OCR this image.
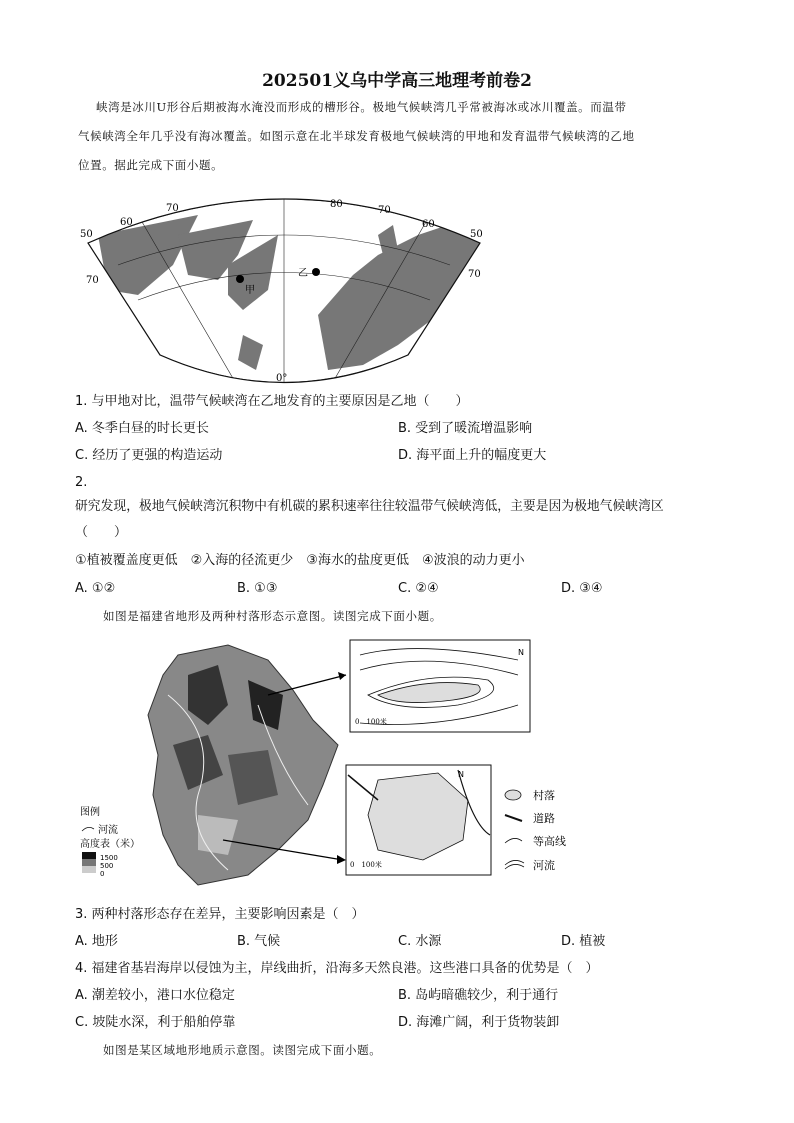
202501义乌中学高三地理考前卷2
峡湾是冰川U形谷后期被海水淹没而形成的槽形谷。极地气候峡湾几乎常被海冰或冰川覆盖。而温带
气候峡湾全年几乎没有海冰覆盖。如图示意在北半球发育极地气候峡湾的甲地和发育温带气候峡湾的乙地
位置。据此完成下面小题。
50
60
70	80
70
60
50
70
70
0°
甲
乙
1. 与甲地对比，温带气候峡湾在乙地发育的主要原因是乙地（　　）
A. 冬季白昼的时长更长	B. 受到了暖流增温影响
C. 经历了更强的构造运动	D. 海平面上升的幅度更大
2.
研究发现，极地气候峡湾沉积物中有机碳的累积速率往往较温带气候峡湾低，主要是因为极地气候峡湾区
（　　）
①植被覆盖度更低　②入海的径流更少　③海水的盐度更低　④波浪的动力更小
A. ①②	B. ①③	C. ②④	D. ③④
如图是福建省地形及两种村落形态示意图。读图完成下面小题。
0　100米
N
0　100米
N
村落
道路
等高线
河流
图例
河流
高度表（米）
1500
500
0
3. 两种村落形态存在差异，主要影响因素是（　）
A. 地形	B. 气候	C. 水源	D. 植被
4. 福建省基岩海岸以侵蚀为主，岸线曲折，沿海多天然良港。这些港口具备的优势是（　）
A. 潮差较小，港口水位稳定	B. 岛屿暗礁较少，利于通行
C. 坡陡水深，利于船舶停靠	D. 海滩广阔，利于货物装卸
如图是某区域地形地质示意图。读图完成下面小题。
